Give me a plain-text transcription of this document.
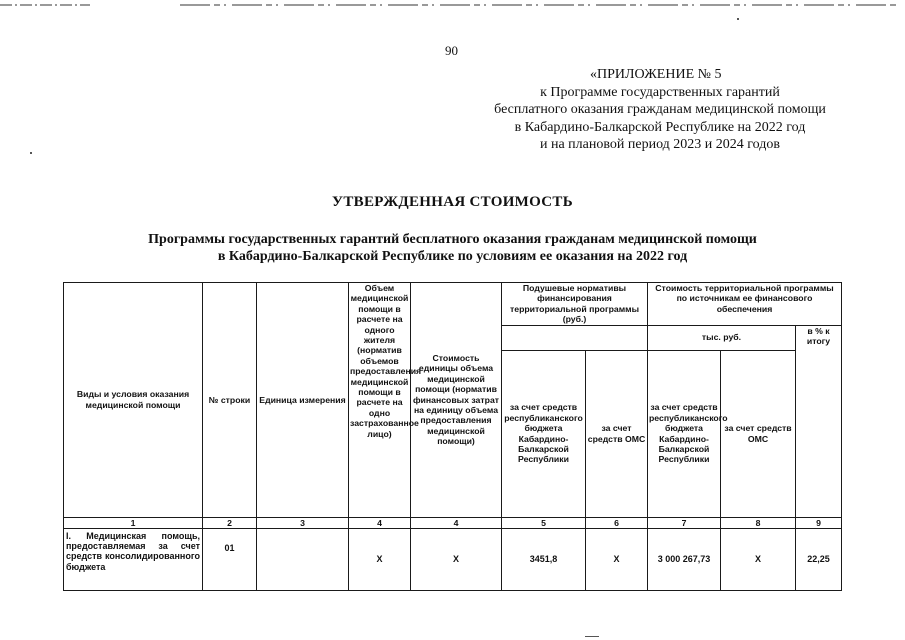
90
«ПРИЛОЖЕНИЕ № 5
к Программе государственных гарантий
бесплатного оказания гражданам медицинской помощи
в Кабардино-Балкарской Республике на 2022 год
и на плановой период 2023 и 2024 годов
УТВЕРЖДЕННАЯ СТОИМОСТЬ
Программы государственных гарантий бесплатного оказания гражданам медицинской помощи
в Кабардино-Балкарской Республике по условиям ее оказания на 2022 год
Виды и условия оказания медицинской помощи	№ строки	Единица измерения	Объем медицинской помощи в расчете на одного жителя (норматив объемов предоставления медицинской помощи в расчете на одно застрахованное лицо)	Стоимость единицы объема медицинской помощи (норматив финансовых затрат на единицу объема предоставления медицинской помощи)	Подушевые нормативы финансирования территориальной программы (руб.)		Стоимость территориальной программы по источникам ее финансового обеспечения		
							тыс. руб.		в % к итогу
					за счет средств республиканского бюджета Кабардино-Балкарской Республики	за счет средств ОМС	за счет средств республиканского бюджета Кабардино-Балкарской Республики	за счет средств ОМС	
1	2	3	4	4	5	6	7	8	9
I. Медицинская помощь, предоставляемая за счет средств консолидированного бюджета	01		Х	Х	3451,8	Х	3 000 267,73	Х	22,25
